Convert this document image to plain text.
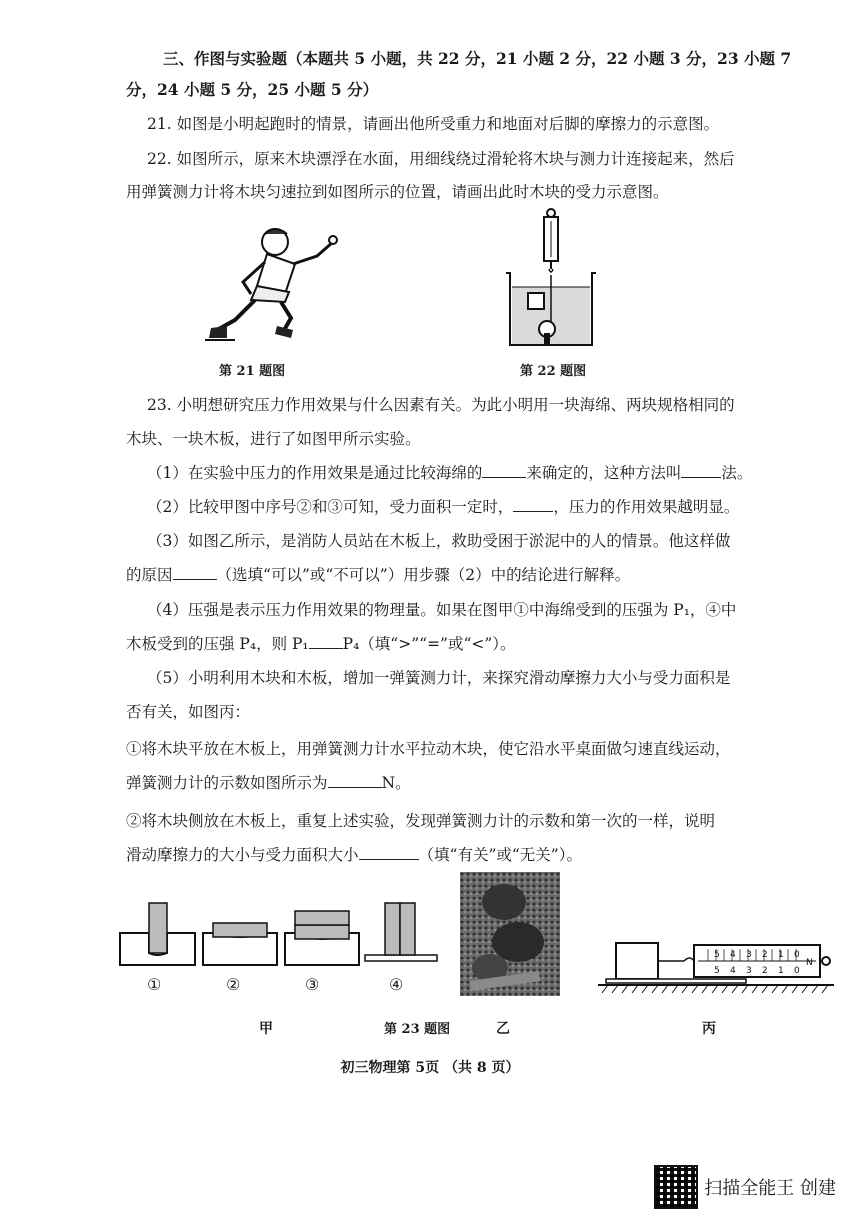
三、作图与实验题（本题共 5 小题，共 22 分，21 小题 2 分，22 小题 3 分，23 小题 7
分，24 小题 5 分，25 小题 5 分）
21. 如图是小明起跑时的情景，请画出他所受重力和地面对后脚的摩擦力的示意图。
22. 如图所示，原来木块漂浮在水面，用细线绕过滑轮将木块与测力计连接起来，然后
用弹簧测力计将木块匀速拉到如图所示的位置，请画出此时木块的受力示意图。
第 21 题图	第 22 题图
23. 小明想研究压力作用效果与什么因素有关。为此小明用一块海绵、两块规格相同的
木块、一块木板，进行了如图甲所示实验。
（1）在实验中压力的作用效果是通过比较海绵的	来确定的，这种方法叫	法。
（2）比较甲图中序号②和③可知，受力面积一定时，	，压力的作用效果越明显。
（3）如图乙所示，是消防人员站在木板上，救助受困于淤泥中的人的情景。他这样做
的原因	（选填“可以”或“不可以”）用步骤（2）中的结论进行解释。
（4）压强是表示压力作用效果的物理量。如果在图甲①中海绵受到的压强为 P₁，④中
木板受到的压强 P₄，则 P₁ P₄（填“>”“=”或“<”）。
（5）小明利用木块和木板，增加一弹簧测力计，来探究滑动摩擦力大小与受力面积是
否有关，如图丙：
①将木块平放在木板上，用弹簧测力计水平拉动木块，使它沿水平桌面做匀速直线运动，
弹簧测力计的示数如图所示为	N。
②将木块侧放在木板上，重复上述实验，发现弹簧测力计的示数和第一次的一样，说明
滑动摩擦力的大小与受力面积大小	（填“有关”或“无关”）。
①	②	③	④
0
1
2
3
4
5
0
1
2
3
4
5
N
甲	第 23 题图	乙	丙
初三物理第 5页 （共 8 页）
扫描全能王 创建
